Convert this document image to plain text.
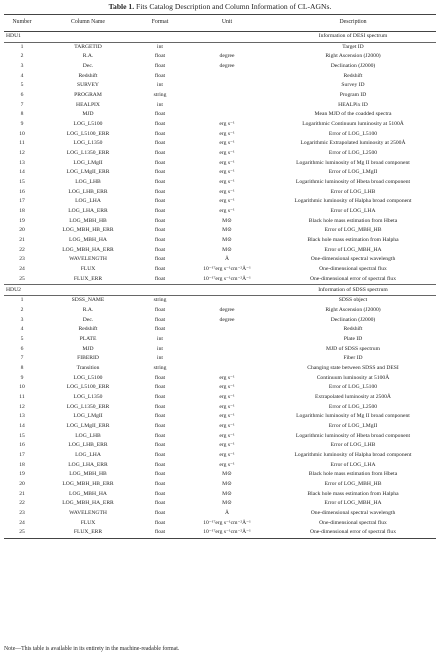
Table 1. Fits Catalog Description and Column Information of CL-AGNs.
Number	Column Name	Format	Unit	Description
HDU1				Information of DESI spectrum
1	TARGETID	int		Target ID
2	R.A.	float	degree	Right Ascension (J2000)
3	Dec.	float	degree	Declination (J2000)
4	Redshift	float		Redshift
5	SURVEY	int		Survey ID
6	PROGRAM	string		Program ID
7	HEALPIX	int		HEALPix ID
8	MJD	float		Mean MJD of the coadded spectra
9	LOG_L5100	float	erg s⁻¹	Logarithmic Continuum luminosity at 5100Å
10	LOG_L5100_ERR	float	erg s⁻¹	Error of LOG_L5100
11	LOG_L1350	float	erg s⁻¹	Logarithmic Extrapolated luminosity at 2500Å
12	LOG_L1350_ERR	float	erg s⁻¹	Error of LOG_L2500
13	LOG_LMgII	float	erg s⁻¹	Logarithmic luminosity of Mg II broad component
14	LOG_LMgII_ERR	float	erg s⁻¹	Error of LOG_LMgII
15	LOG_LHB	float	erg s⁻¹	Logarithmic luminosity of Hbeta broad component
16	LOG_LHB_ERR	float	erg s⁻¹	Error of LOG_LHB
17	LOG_LHA	float	erg s⁻¹	Logarithmic luminosity of Halpha broad component
18	LOG_LHA_ERR	float	erg s⁻¹	Error of LOG_LHA
19	LOG_MBH_HB	float	M⊙	Black hole mass estimation from Hbeta
20	LOG_MBH_HB_ERR	float	M⊙	Error of LOG_MBH_HB
21	LOG_MBH_HA	float	M⊙	Black hole mass estimation from Halpha
22	LOG_MBH_HA_ERR	float	M⊙	Error of LOG_MBH_HA
23	WAVELENGTH	float	Å	One-dimensional spectral wavelength
24	FLUX	float	10⁻¹⁷erg s⁻¹cm⁻²Å⁻¹	One-dimensional spectral flux
25	FLUX_ERR	float	10⁻¹⁷erg s⁻¹cm⁻²Å⁻¹	One-dimensional error of spectral flux
HDU2				Information of SDSS spectrum
1	SDSS_NAME	string		SDSS object
2	R.A.	float	degree	Right Ascension (J2000)
3	Dec.	float	degree	Declination (J2000)
4	Redshift	float		Redshift
5	PLATE	int		Plate ID
6	MJD	int		MJD of SDSS spectrum
7	FIBERID	int		Fiber ID
8	Transition	string		Changing state between SDSS and DESI
9	LOG_L5100	float	erg s⁻¹	Continuum luminosity at 5100Å
10	LOG_L5100_ERR	float	erg s⁻¹	Error of LOG_L5100
11	LOG_L1350	float	erg s⁻¹	Extrapolated luminosity at 2500Å
12	LOG_L1350_ERR	float	erg s⁻¹	Error of LOG_L2500
13	LOG_LMgII	float	erg s⁻¹	Logarithmic luminosity of Mg II broad component
14	LOG_LMgII_ERR	float	erg s⁻¹	Error of LOG_LMgII
15	LOG_LHB	float	erg s⁻¹	Logarithmic luminosity of Hbeta broad component
16	LOG_LHB_ERR	float	erg s⁻¹	Error of LOG_LHB
17	LOG_LHA	float	erg s⁻¹	Logarithmic luminosity of Halpha broad component
18	LOG_LHA_ERR	float	erg s⁻¹	Error of LOG_LHA
19	LOG_MBH_HB	float	M⊙	Black hole mass estimation from Hbeta
20	LOG_MBH_HB_ERR	float	M⊙	Error of LOG_MBH_HB
21	LOG_MBH_HA	float	M⊙	Black hole mass estimation from Halpha
22	LOG_MBH_HA_ERR	float	M⊙	Error of LOG_MBH_HA
23	WAVELENGTH	float	Å	One-dimensional spectral wavelength
24	FLUX	float	10⁻¹⁷erg s⁻¹cm⁻²Å⁻¹	One-dimensional spectral flux
25	FLUX_ERR	float	10⁻¹⁷erg s⁻¹cm⁻²Å⁻¹	One-dimensional error of spectral flux
Note—This table is available in its entirety in the machine-readable format.
